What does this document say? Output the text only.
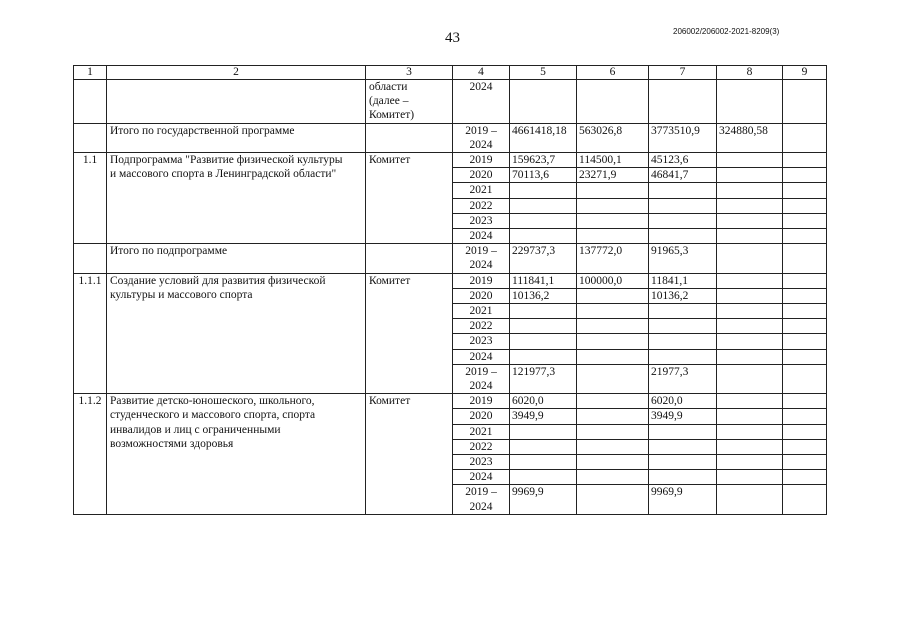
43	206002/206002-2021-8209(3)
1	2	3	4	5	6	7	8	9

		области
(далее –
Комитет)	2024					
	Итого по государственной программе		2019 –
2024	4661418,18	563026,8	3773510,9	324880,58	
1.1	Подпрограмма "Развитие физической культуры
и массового спорта в Ленинградской области"	Комитет	2019	159623,7	114500,1	45123,6		
			2020	70113,6	23271,9	46841,7		
			2021					
			2022					
			2023					
			2024					
	Итого по подпрограмме		2019 –
2024	229737,3	137772,0	91965,3		
1.1.1	Создание условий для развития физической
культуры и массового спорта	Комитет	2019	111841,1	100000,0	11841,1		
			2020	10136,2		10136,2		
			2021					
			2022					
			2023					
			2024					

			2019 –
2024	121977,3		21977,3		
1.1.2	Развитие детско-юношеского, школьного,
студенческого и массового спорта, спорта
инвалидов и лиц с ограниченными
возможностями здоровья	Комитет	2019	6020,0		6020,0		
			2020	3949,9		3949,9		
			2021					
			2022					
			2023					
			2024					

			2019 –
2024	9969,9		9969,9		
